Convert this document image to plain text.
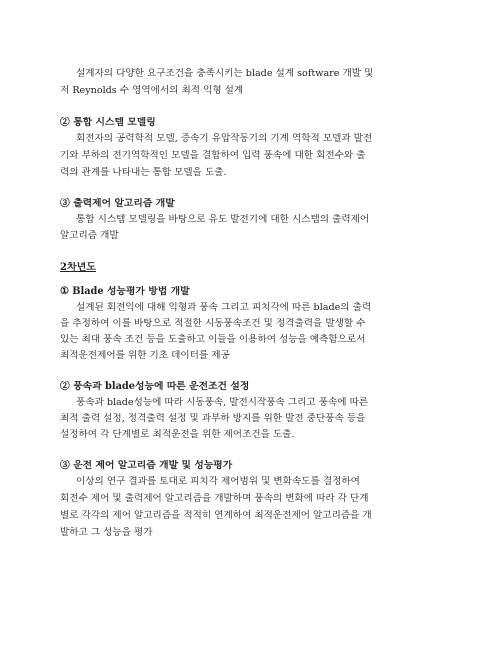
설계자의 다양한 요구조건을 충족시키는 blade 설계 software 개발 및
저 Reynolds 수 영역에서의 최적 익형 설계
② 통합 시스템 모델링
회전자의 공력학적 모델, 증속기 유압작동기의 기계 역학적 모델과 발전
기와 부하의 전기역학적인 모델을 결합하여 입력 풍속에 대한 회전수와 출
력의 관계를 나타내는 통합 모델을 도출.
③ 출력제어 알고리즘 개발
통합 시스템 모델링을 바탕으로 유도 발전기에 대한 시스템의 출력제어
알고리즘 개발
2차년도
① Blade 성능평가 방법 개발
설계된 회전익에 대해 익형과 풍속 그리고 피치각에 따른 blade의 출력
을 추정하여 이를 바탕으로 적절한 시동풍속조건 및 정격출력을 발생할 수
있는 최대 풍속 조건 등을 도출하고 이들을 이용하여 성능을 예측함으로서
최적운전제어를 위한 기초 데이터를 제공
② 풍속과 blade성능에 따른 운전조건 설정
풍속과 blade성능에 따라 시동풍속, 발전시작풍속 그리고 풍속에 따른
최적 출력 설정, 정격출력 설정 및 과부하 방지를 위한 발전 중단풍속 등을
설정하여 각 단계별로 최적운전을 위한 제어조건을 도출.
③ 운전 제어 알고리즘 개발 및 성능평가
이상의 연구 결과를 토대로 피치각 제어범위 및 변화속도를 결정하여
회전수 제어 및 출력제어 알고리즘을 개발하며 풍속의 변화에 따라 각 단계
별로 각각의 제어 알고리즘을 적적히 연계하여 최적운전제어 알고리즘을 개
발하고 그 성능을 평가
